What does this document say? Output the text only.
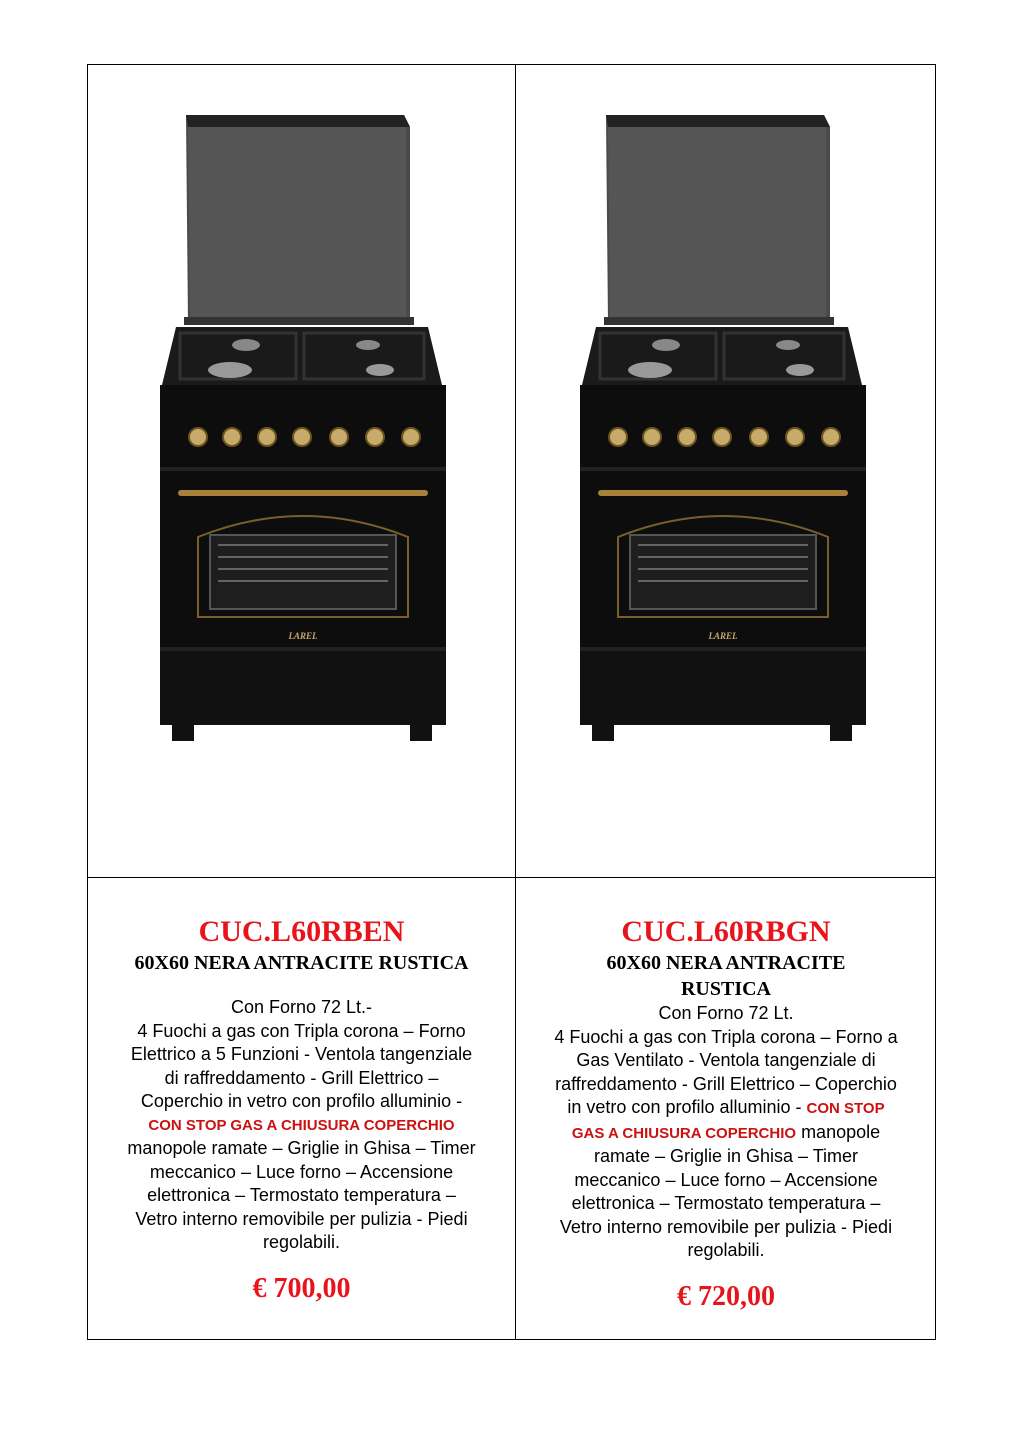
LAREL	LAREL
CUC.L60RBEN
60X60 NERA ANTRACITE RUSTICA
Con Forno 72 Lt.-
4 Fuochi a gas con Tripla corona – Forno
Elettrico a 5 Funzioni - Ventola tangenziale
di raffreddamento - Grill Elettrico –
Coperchio in vetro con profilo alluminio -
CON STOP GAS A CHIUSURA COPERCHIO
manopole ramate – Griglie in Ghisa – Timer
meccanico – Luce forno – Accensione
elettronica – Termostato temperatura –
Vetro interno removibile per pulizia - Piedi
regolabili.
€ 700,00
CUC.L60RBGN
60X60 NERA ANTRACITE
RUSTICA
Con Forno 72 Lt.
4 Fuochi a gas con Tripla corona – Forno a
Gas Ventilato - Ventola tangenziale di
raffreddamento - Grill Elettrico – Coperchio
in vetro con profilo alluminio - CON STOP
GAS A CHIUSURA COPERCHIO manopole
ramate – Griglie in Ghisa – Timer
meccanico – Luce forno – Accensione
elettronica – Termostato temperatura –
Vetro interno removibile per pulizia - Piedi
regolabili.
€ 720,00
